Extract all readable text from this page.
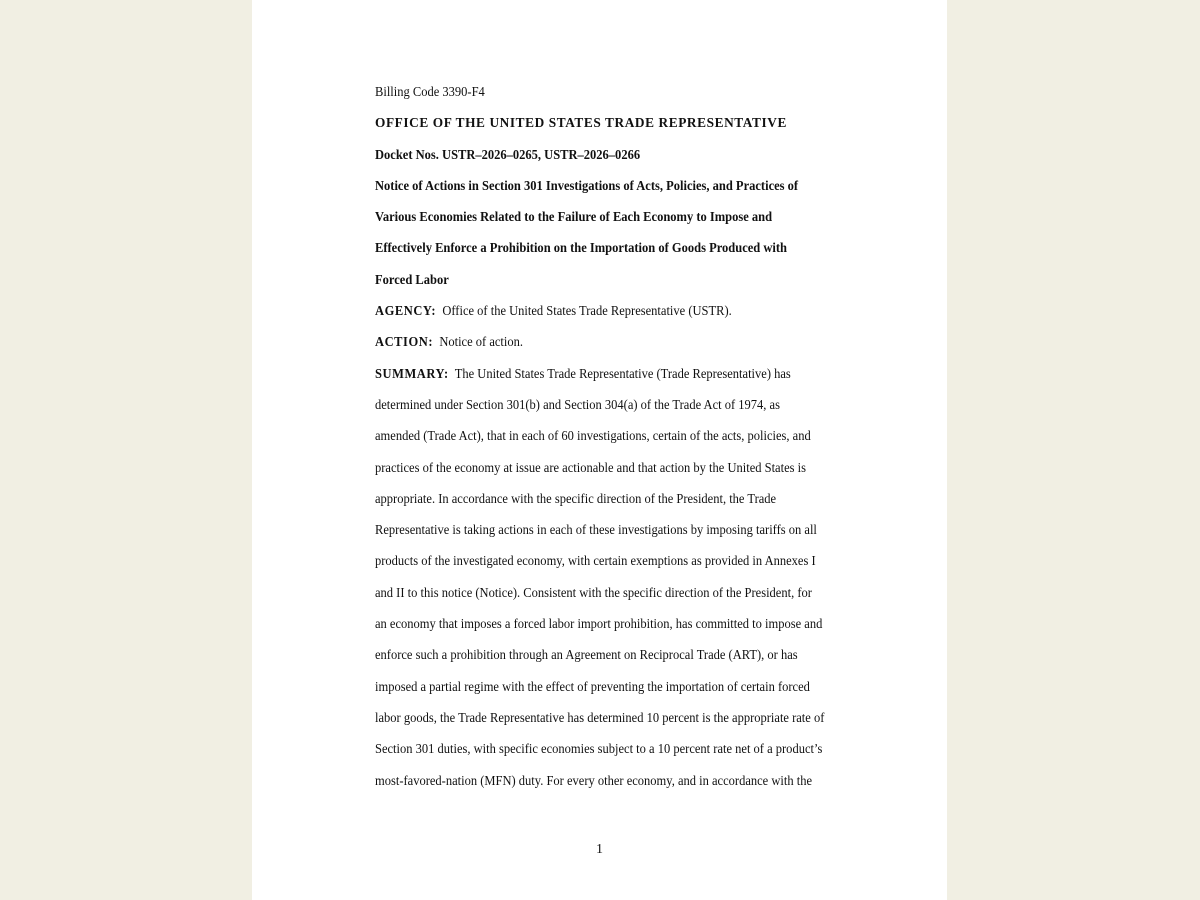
Billing Code 3390-F4
OFFICE OF THE UNITED STATES TRADE REPRESENTATIVE
Docket Nos. USTR–2026–0265, USTR–2026–0266
Notice of Actions in Section 301 Investigations of Acts, Policies, and Practices of
Various Economies Related to the Failure of Each Economy to Impose and
Effectively Enforce a Prohibition on the Importation of Goods Produced with
Forced Labor
AGENCY: Office of the United States Trade Representative (USTR).
ACTION: Notice of action.
SUMMARY: The United States Trade Representative (Trade Representative) has
determined under Section 301(b) and Section 304(a) of the Trade Act of 1974, as
amended (Trade Act), that in each of 60 investigations, certain of the acts, policies, and
practices of the economy at issue are actionable and that action by the United States is
appropriate. In accordance with the specific direction of the President, the Trade
Representative is taking actions in each of these investigations by imposing tariffs on all
products of the investigated economy, with certain exemptions as provided in Annexes I
and II to this notice (Notice). Consistent with the specific direction of the President, for
an economy that imposes a forced labor import prohibition, has committed to impose and
enforce such a prohibition through an Agreement on Reciprocal Trade (ART), or has
imposed a partial regime with the effect of preventing the importation of certain forced
labor goods, the Trade Representative has determined 10 percent is the appropriate rate of
Section 301 duties, with specific economies subject to a 10 percent rate net of a product’s
most-favored-nation (MFN) duty. For every other economy, and in accordance with the
1
